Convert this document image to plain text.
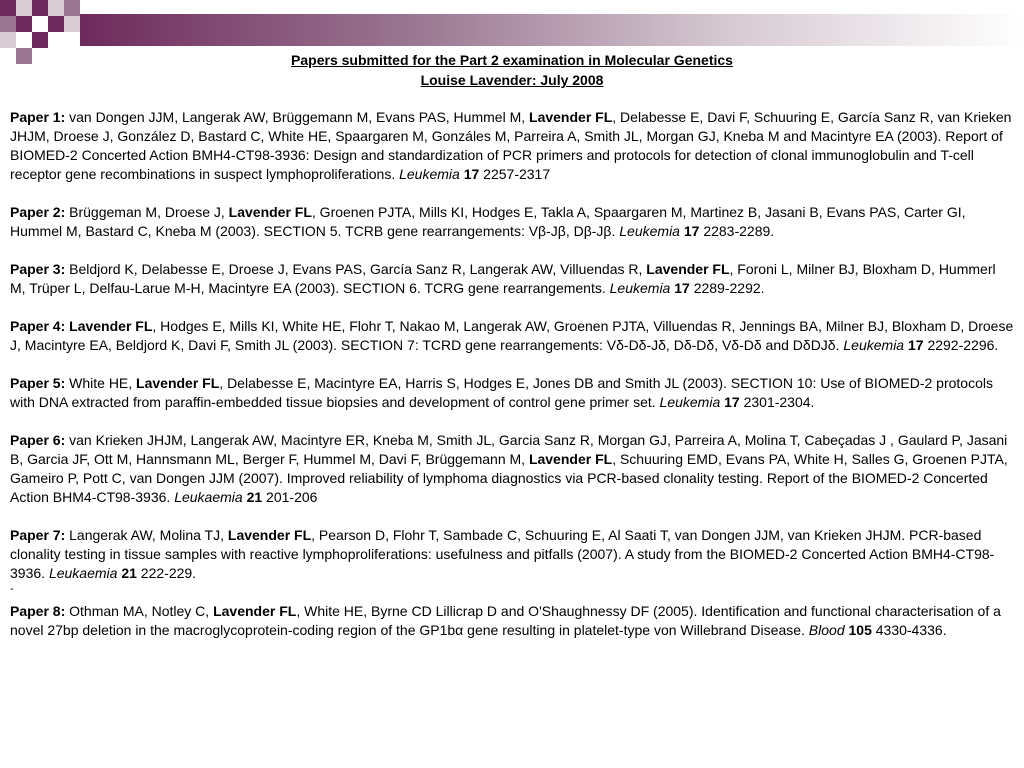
Papers submitted for the Part 2 examination in Molecular Genetics
Louise Lavender: July 2008

Paper 1: van Dongen JJM, Langerak AW, Brüggemann M, Evans PAS, Hummel M, Lavender FL, Delabesse E, Davi F, Schuuring E, García Sanz R, van Krieken JHJM, Droese J, González D, Bastard C, White HE, Spaargaren M, Gonzáles M, Parreira A, Smith JL, Morgan GJ, Kneba M and Macintyre EA (2003). Report of BIOMED-2 Concerted Action BMH4-CT98-3936: Design and standardization of PCR primers and protocols for detection of clonal immunoglobulin and T-cell receptor gene recombinations in suspect lymphoproliferations. Leukemia 17 2257-2317

Paper 2: Brüggeman M, Droese J, Lavender FL, Groenen PJTA, Mills KI, Hodges E, Takla A, Spaargaren M, Martinez B, Jasani B, Evans PAS, Carter GI, Hummel M, Bastard C, Kneba M (2003). SECTION 5. TCRB gene rearrangements: Vβ-Jβ, Dβ-Jβ. Leukemia 17 2283-2289.

Paper 3: Beldjord K, Delabesse E, Droese J, Evans PAS, García Sanz R, Langerak AW, Villuendas R, Lavender FL, Foroni L, Milner BJ, Bloxham D, Hummerl M, Trüper L, Delfau-Larue M-H, Macintyre EA (2003). SECTION 6. TCRG gene rearrangements. Leukemia 17 2289-2292.

Paper 4: Lavender FL, Hodges E, Mills KI, White HE, Flohr T, Nakao M, Langerak AW, Groenen PJTA, Villuendas R, Jennings BA, Milner BJ, Bloxham D, Droese J, Macintyre EA, Beldjord K, Davi F, Smith JL (2003). SECTION 7: TCRD gene rearrangements: Vδ-Dδ-Jδ, Dδ-Dδ, Vδ-Dδ and DδDJδ. Leukemia 17 2292-2296.

Paper 5: White HE, Lavender FL, Delabesse E, Macintyre EA, Harris S, Hodges E, Jones DB and Smith JL (2003). SECTION 10: Use of BIOMED-2 protocols with DNA extracted from paraffin-embedded tissue biopsies and development of control gene primer set. Leukemia 17 2301-2304.

Paper 6: van Krieken JHJM, Langerak AW, Macintyre ER, Kneba M, Smith JL, Garcia Sanz R, Morgan GJ, Parreira A, Molina T, Cabeçadas J , Gaulard P, Jasani B, Garcia JF, Ott M, Hannsmann ML, Berger F, Hummel M, Davi F, Brüggemann M, Lavender FL, Schuuring EMD, Evans PA, White H, Salles G, Groenen PJTA, Gameiro P, Pott C, van Dongen JJM (2007). Improved reliability of lymphoma diagnostics via PCR-based clonality testing. Report of the BIOMED-2 Concerted Action BHM4-CT98-3936. Leukaemia 21 201-206

Paper 7: Langerak AW, Molina TJ, Lavender FL, Pearson D, Flohr T, Sambade C, Schuuring E, Al Saati T, van Dongen JJM, van Krieken JHJM. PCR-based clonality testing in tissue samples with reactive lymphoproliferations: usefulness and pitfalls (2007). A study from the BIOMED-2 Concerted Action BMH4-CT98-3936. Leukaemia 21 222-229.

-

Paper 8: Othman MA, Notley C, Lavender FL, White HE, Byrne CD Lillicrap D and O'Shaughnessy DF (2005). Identification and functional characterisation of a novel 27bp deletion in the macroglycoprotein-coding region of the GP1bα gene resulting in platelet-type von Willebrand Disease. Blood 105 4330-4336.
